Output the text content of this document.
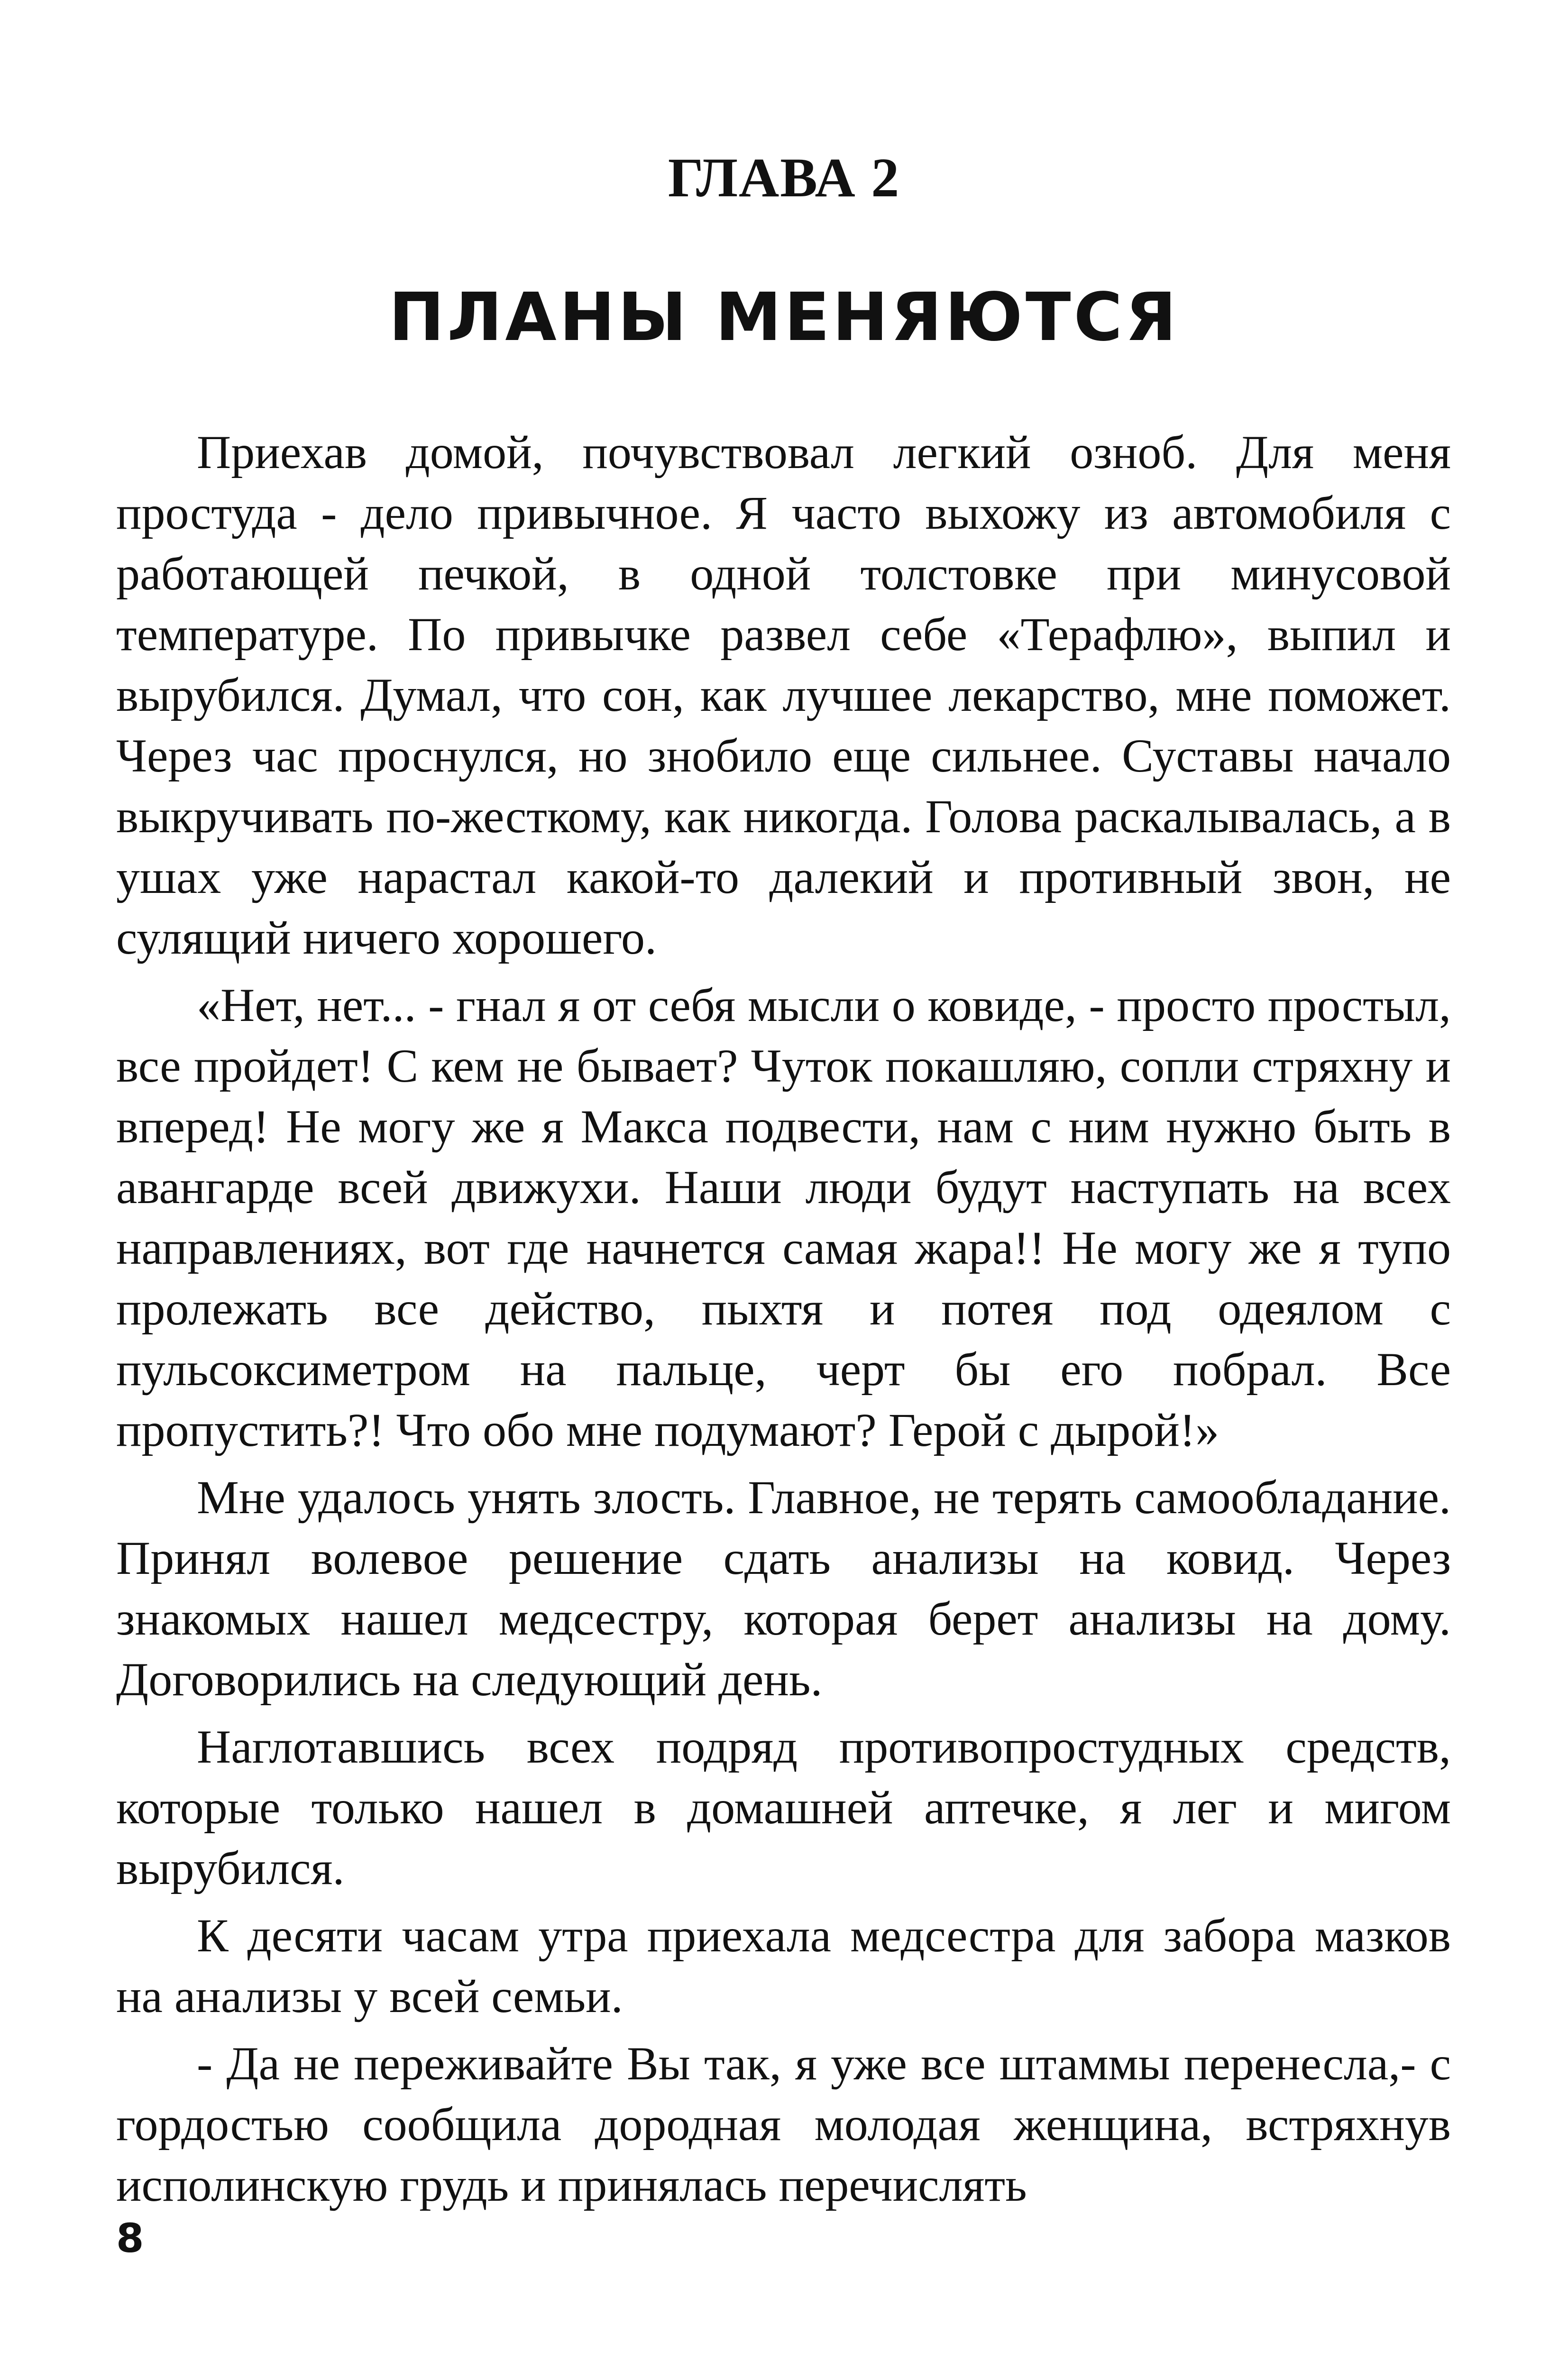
ГЛАВА 2
ПЛАНЫ МЕНЯЮТСЯ

Приехав домой, почувствовал легкий озноб. Для меня простуда - дело привычное. Я часто выхожу из автомобиля с работающей печкой, в одной толстовке при минусовой температуре. По привычке развел себе «Терафлю», выпил и вырубился. Думал, что сон, как лучшее лекарство, мне поможет. Через час проснулся, но знобило еще сильнее. Суставы начало выкручивать по-жесткому, как никогда. Голова раскалывалась, а в ушах уже нарастал какой-то далекий и противный звон, не сулящий ничего хорошего.

«Нет, нет... - гнал я от себя мысли о ковиде, - просто простыл, все пройдет! С кем не бывает? Чуток покашляю, сопли стряхну и вперед! Не могу же я Макса подвести, нам с ним нужно быть в авангарде всей движухи. Наши люди будут наступать на всех направлениях, вот где начнется самая жара!! Не могу же я тупо пролежать все действо, пыхтя и потея под одеялом с пульсоксиметром на пальце, черт бы его побрал. Все пропустить?! Что обо мне подумают? Герой с дырой!»

Мне удалось унять злость. Главное, не терять самообладание. Принял волевое решение сдать анализы на ковид. Через знакомых нашел медсестру, которая берет анализы на дому. Договорились на следующий день.

Наглотавшись всех подряд противопростудных средств, которые только нашел в домашней аптечке, я лег и мигом вырубился.

К десяти часам утра приехала медсестра для забора мазков на анализы у всей семьи.

- Да не переживайте Вы так, я уже все штаммы перенесла,- с гордостью сообщила дородная молодая женщина, встряхнув исполинскую грудь и принялась перечислять

8
